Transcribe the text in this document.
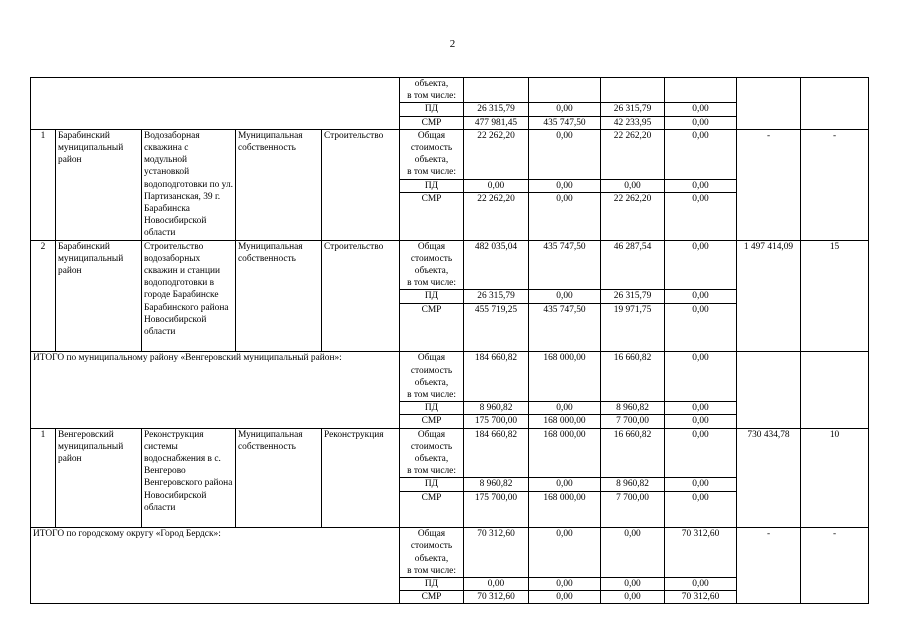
2
					объекта,
в том числе:						

					ПД	26 315,79	0,00	26 315,79	0,00		
					СМР	477 981,45	435 747,50	42 233,95	0,00		
1	Барабинский муниципальный район	Водозаборная скважина с модульной установкой водоподготовки по ул. Партизанская, 39 г. Барабинска Новосибирской области	Муниципальная собственность	Строительство	Общая
стоимость
объекта,
в том числе:	22 262,20	0,00	22 262,20	0,00	-	-

					ПД	0,00	0,00	0,00	0,00		
					СМР	22 262,20	0,00	22 262,20	0,00		

2	Барабинский муниципальный район	Строительство водозаборных скважин и станции водоподготовки в городе Барабинске Барабинского района Новосибирской области	Муниципальная собственность	Строительство	Общая
стоимость
объекта,
в том числе:	482 035,04	435 747,50	46 287,54	0,00	1 497 414,09	15

					ПД	26 315,79	0,00	26 315,79	0,00		
					СМР	455 719,25	435 747,50	19 971,75	0,00		

ИТОГО по муниципальному району «Венгеровский муниципальный район»:					Общая
стоимость
объекта,
в том числе:	184 660,82	168 000,00	16 660,82	0,00		

					ПД	8 960,82	0,00	8 960,82	0,00		
					СМР	175 700,00	168 000,00	7 700,00	0,00		
1	Венгеровский муниципальный район	Реконструкция системы водоснабжения в с. Венгерово Венгеровского района Новосибирской области	Муниципальная собственность	Реконструкция	Общая
стоимость
объекта,
в том числе:	184 660,82	168 000,00	16 660,82	0,00	730 434,78	10

					ПД	8 960,82	0,00	8 960,82	0,00		
					СМР	175 700,00	168 000,00	7 700,00	0,00		

ИТОГО по городскому округу «Город Бердск»:					Общая
стоимость
объекта,
в том числе:	70 312,60	0,00	0,00	70 312,60	-	-

					ПД	0,00	0,00	0,00	0,00		
					СМР	70 312,60	0,00	0,00	70 312,60		
